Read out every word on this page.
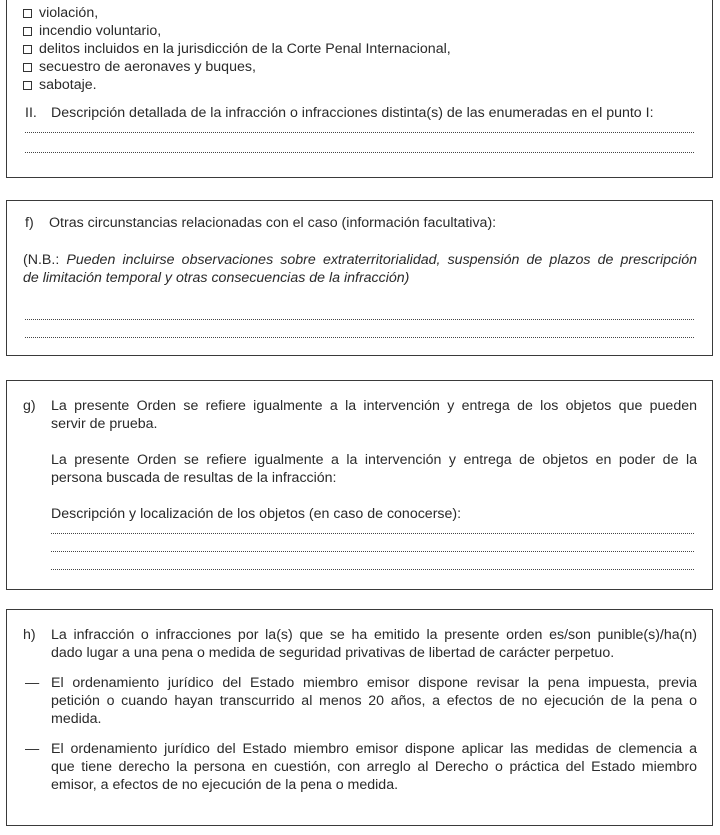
violación,
incendio voluntario,
delitos incluidos en la jurisdicción de la Corte Penal Internacional,
secuestro de aeronaves y buques,
sabotaje.
II. Descripción detallada de la infracción o infracciones distinta(s) de las enumeradas en el punto I:
f) Otras circunstancias relacionadas con el caso (información facultativa):
(N.B.: Pueden incluirse observaciones sobre extraterritorialidad, suspensión de plazos de prescripción
de limitación temporal y otras consecuencias de la infracción)
g) La presente Orden se refiere igualmente a la intervención y entrega de los objetos que pueden
servir de prueba.
La presente Orden se refiere igualmente a la intervención y entrega de objetos en poder de la
persona buscada de resultas de la infracción:
Descripción y localización de los objetos (en caso de conocerse):
h) La infracción o infracciones por la(s) que se ha emitido la presente orden es/son punible(s)/ha(n)
dado lugar a una pena o medida de seguridad privativas de libertad de carácter perpetuo.
— El ordenamiento jurídico del Estado miembro emisor dispone revisar la pena impuesta, previa
petición o cuando hayan transcurrido al menos 20 años, a efectos de no ejecución de la pena o
medida.
— El ordenamiento jurídico del Estado miembro emisor dispone aplicar las medidas de clemencia a
que tiene derecho la persona en cuestión, con arreglo al Derecho o práctica del Estado miembro
emisor, a efectos de no ejecución de la pena o medida.
